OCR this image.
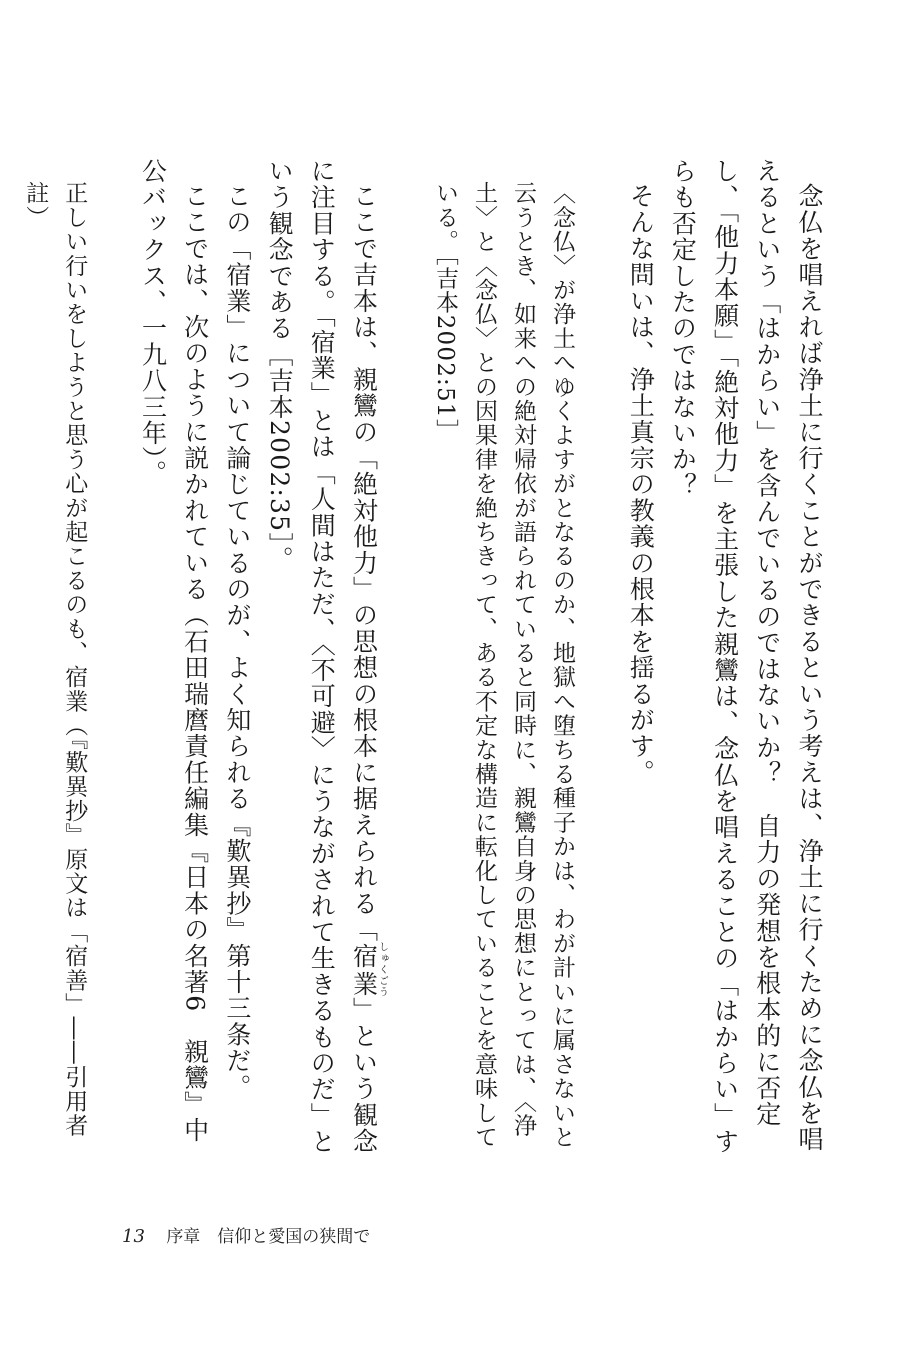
念仏を唱えれば浄土に行くことができるという考えは、浄土に行くために念仏を唱えるという「はからい」を含んでいるのではないか？　自力の発想を根本的に否定し、「他力本願」「絶対他力」を主張した親鸞は、念仏を唱えることの「はからい」すらも否定したのではないか？

そんな問いは、浄土真宗の教義の根本を揺るがす。

〈念仏〉が浄土へゆくよすがとなるのか、地獄へ堕ちる種子かは、わが計いに属さないと云うとき、如来への絶対帰依が語られていると同時に、親鸞自身の思想にとっては、〈浄土〉と〈念仏〉との因果律を絶ちきって、ある不定な構造に転化していることを意味している。［吉本2002:51］

ここで吉本は、親鸞の「絶対他力」の思想の根本に据えられる「宿業しゅくごう」という観念に注目する。「宿業」とは「人間はただ、〈不可避〉にうながされて生きるものだ」という観念である［吉本2002:35］。

この「宿業」について論じているのが、よく知られる『歎異抄』第十三条だ。

ここでは、次のように説かれている（石田瑞麿責任編集『日本の名著6　親鸞』中公バックス、一九八三年）。

正しい行いをしようと思う心が起こるのも、宿業（『歎異抄』原文は「宿善」――引用者註）

13 序章　信仰と愛国の狭間で
